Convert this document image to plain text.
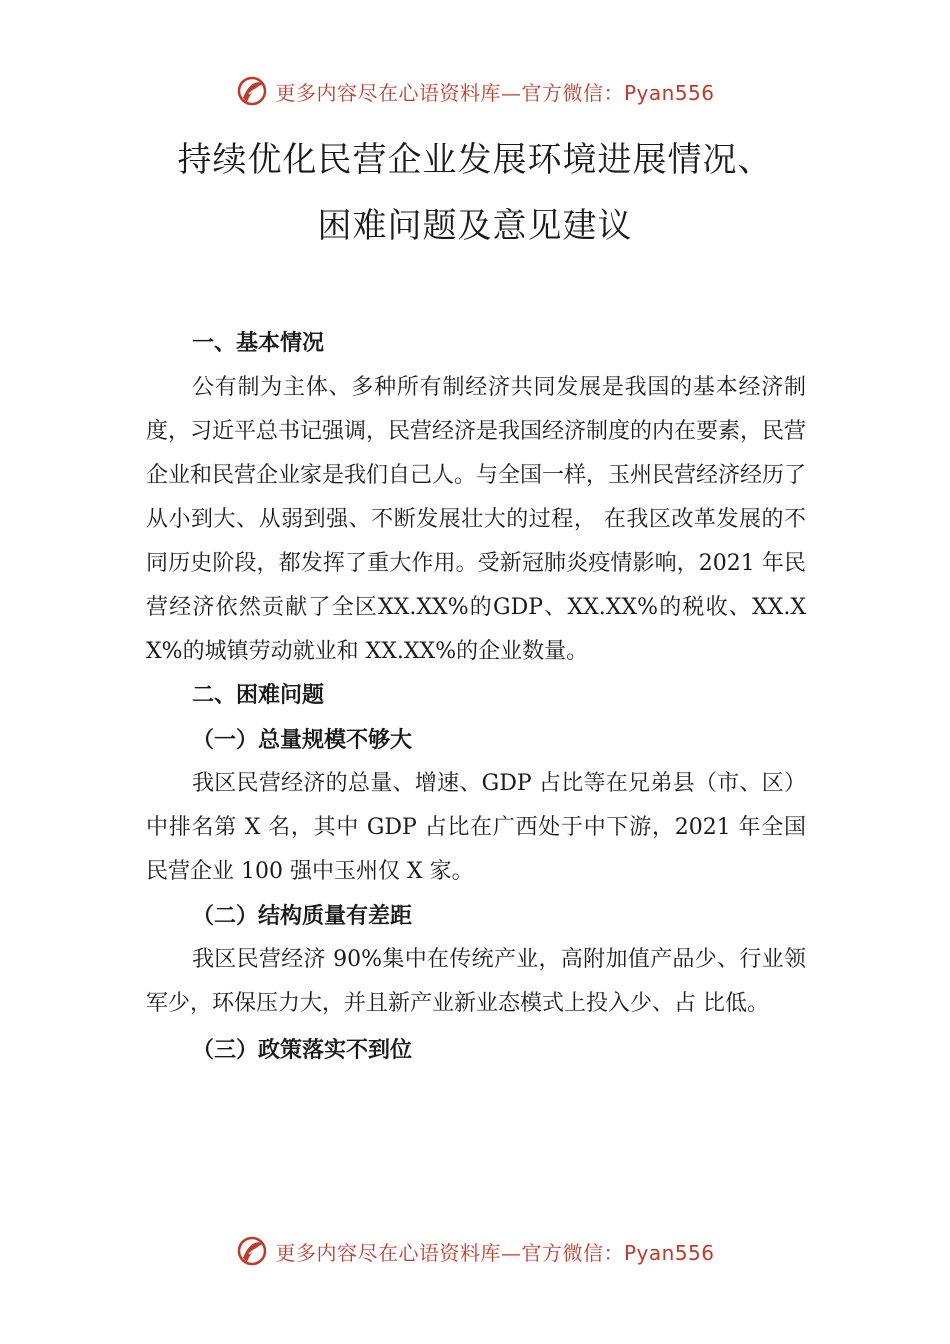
更多内容尽在心语资料库—官方微信：Pyan556
持续优化民营企业发展环境进展情况、
困难问题及意见建议

一、基本情况

公有制为主体、多种所有制经济共同发展是我国的基本经济制度，习近平总书记强调，民营经济是我国经济制度的内在要素，民营企业和民营企业家是我们自己人。与全国一样，玉州民营经济经历了从小到大、从弱到强、不断发展壮大的过程， 在我区改革发展的不同历史阶段，都发挥了重大作用。受新冠肺炎疫情影响，2021 年民营经济依然贡献了全区XX.XX%的GDP、XX.XX%的税收、XX.XX%的城镇劳动就业和 XX.XX%的企业数量。

二、困难问题

（一）总量规模不够大

我区民营经济的总量、增速、GDP 占比等在兄弟县（市、区）中排名第 X 名，其中 GDP 占比在广西处于中下游，2021 年全国民营企业 100 强中玉州仅 X 家。

（二）结构质量有差距

我区民营经济 90%集中在传统产业，高附加值产品少、行业领军少，环保压力大，并且新产业新业态模式上投入少、占 比低。

（三）政策落实不到位

更多内容尽在心语资料库—官方微信：Pyan556
